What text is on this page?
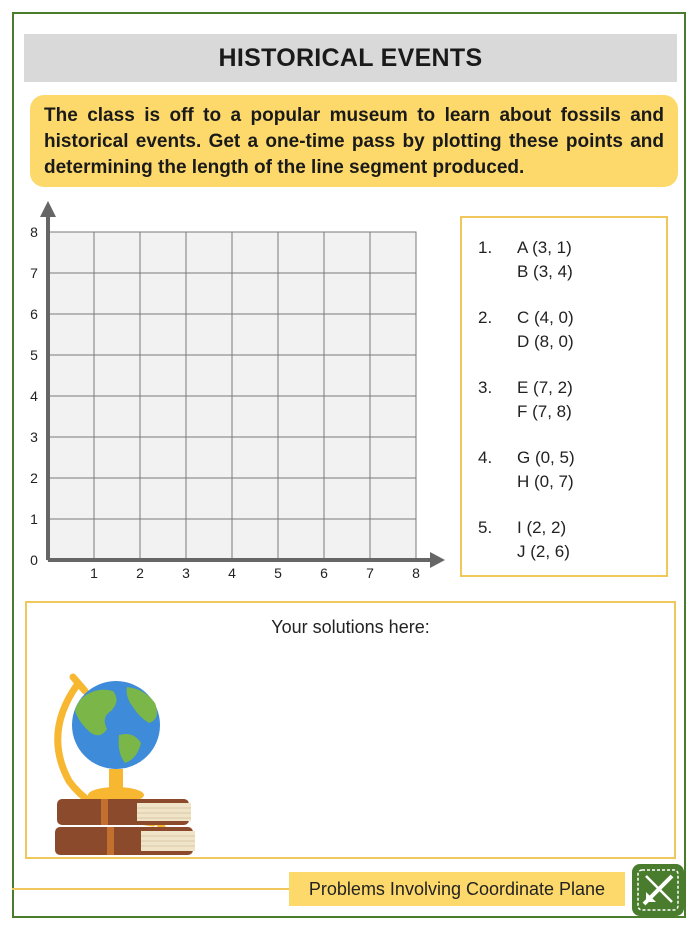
HISTORICAL EVENTS

The class is off to a popular museum to learn about fossils and historical events. Get a one-time pass by plotting these points and determining the length of the line segment produced.

1	2	3	4	5	6	7	8
1
2
3
4
5
6
7
8
0
1. A (3, 1)
B (3, 4)
2. C (4, 0)
D (8, 0)
3. E (7, 2)
F (7, 8)
4. G (0, 5)
H (0, 7)
5. I (2, 2)
J (2, 6)
Your solutions here:
Problems Involving Coordinate Plane
